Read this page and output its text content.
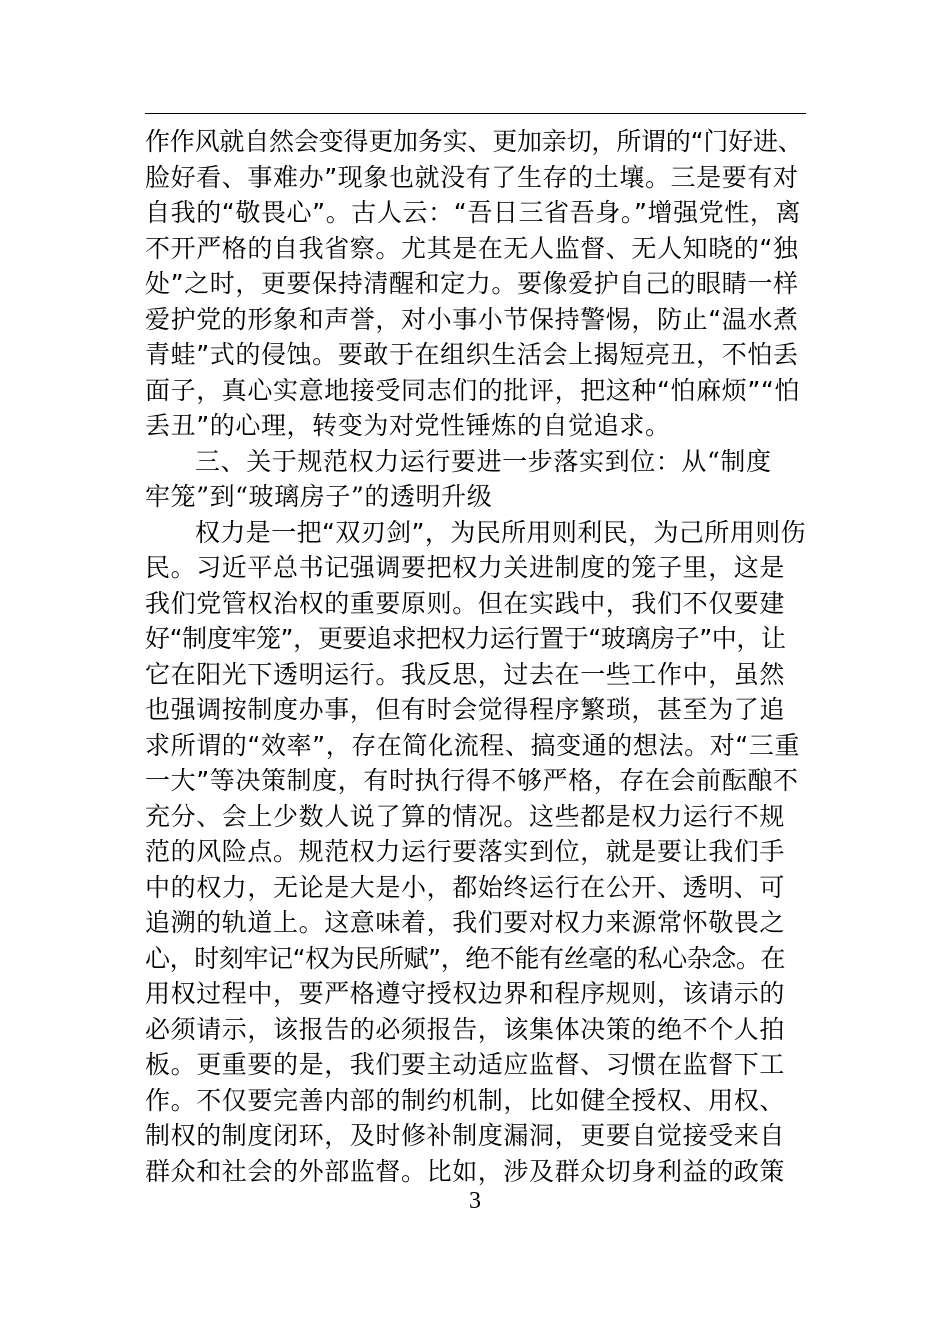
作作风就自然会变得更加务实、更加亲切，所谓的“门好进、
脸好看、事难办”现象也就没有了生存的土壤。三是要有对
自我的“敬畏心”。古人云：“吾日三省吾身。”增强党性，离
不开严格的自我省察。尤其是在无人监督、无人知晓的“独
处”之时，更要保持清醒和定力。要像爱护自己的眼睛一样
爱护党的形象和声誉，对小事小节保持警惕，防止“温水煮
青蛙”式的侵蚀。要敢于在组织生活会上揭短亮丑，不怕丢
面子，真心实意地接受同志们的批评，把这种“怕麻烦”“怕
丢丑”的心理，转变为对党性锤炼的自觉追求。
三、关于规范权力运行要进一步落实到位：从“制度
牢笼”到“玻璃房子”的透明升级
权力是一把“双刃剑”，为民所用则利民，为己所用则伤
民。习近平总书记强调要把权力关进制度的笼子里，这是
我们党管权治权的重要原则。但在实践中，我们不仅要建
好“制度牢笼”，更要追求把权力运行置于“玻璃房子”中，让
它在阳光下透明运行。我反思，过去在一些工作中，虽然
也强调按制度办事，但有时会觉得程序繁琐，甚至为了追
求所谓的“效率”，存在简化流程、搞变通的想法。对“三重
一大”等决策制度，有时执行得不够严格，存在会前酝酿不
充分、会上少数人说了算的情况。这些都是权力运行不规
范的风险点。规范权力运行要落实到位，就是要让我们手
中的权力，无论是大是小，都始终运行在公开、透明、可
追溯的轨道上。这意味着，我们要对权力来源常怀敬畏之
心，时刻牢记“权为民所赋”，绝不能有丝毫的私心杂念。在
用权过程中，要严格遵守授权边界和程序规则，该请示的
必须请示，该报告的必须报告，该集体决策的绝不个人拍
板。更重要的是，我们要主动适应监督、习惯在监督下工
作。不仅要完善内部的制约机制，比如健全授权、用权、
制权的制度闭环，及时修补制度漏洞，更要自觉接受来自
群众和社会的外部监督。比如，涉及群众切身利益的政策
3
